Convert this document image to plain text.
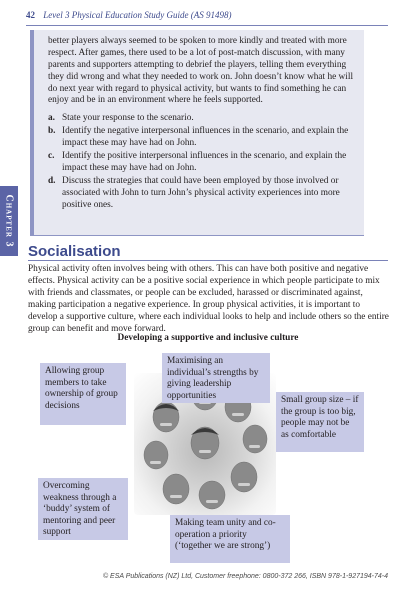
42 Level 3 Physical Education Study Guide (AS 91498)
Chapter 3

better players always seemed to be spoken to more kindly and treated with more respect. After games, there used to be a lot of post-match discussion, with many parents and supporters attempting to debrief the players, telling them everything they did wrong and what they needed to work on. John doesn’t know what he will do next year with regard to physical activity, but wants to find something he can enjoy and be in an environment where he feels supported.

a. State your response to the scenario.
b. Identify the negative interpersonal influences in the scenario, and explain the impact these may have had on John.
c. Identify the positive interpersonal influences in the scenario, and explain the impact these may have had on John.
d. Discuss the strategies that could have been employed by those involved or associated with John to turn John’s physical activity experiences into more positive ones.
Socialisation

Physical activity often involves being with others. This can have both positive and negative effects. Physical activity can be a positive social experience in which people participate to mix with friends and classmates, or people can be excluded, harassed or discriminated against, making participation a negative experience. In group physical activities, it is important to develop a supportive culture, where each individual looks to help and include others so the entire group can benefit and move forward.

Developing a supportive and inclusive culture
Maximising an individual’s strengths by giving leadership opportunities
Allowing group members to take ownership of group decisions
Small group size – if the group is too big, people may not be as comfortable
Overcoming weakness through a ‘buddy’ system of mentoring and peer support
Making team unity and co-operation a priority (‘together we are strong’)
© ESA Publications (NZ) Ltd, Customer freephone: 0800-372 266, ISBN 978-1-927194-74-4
